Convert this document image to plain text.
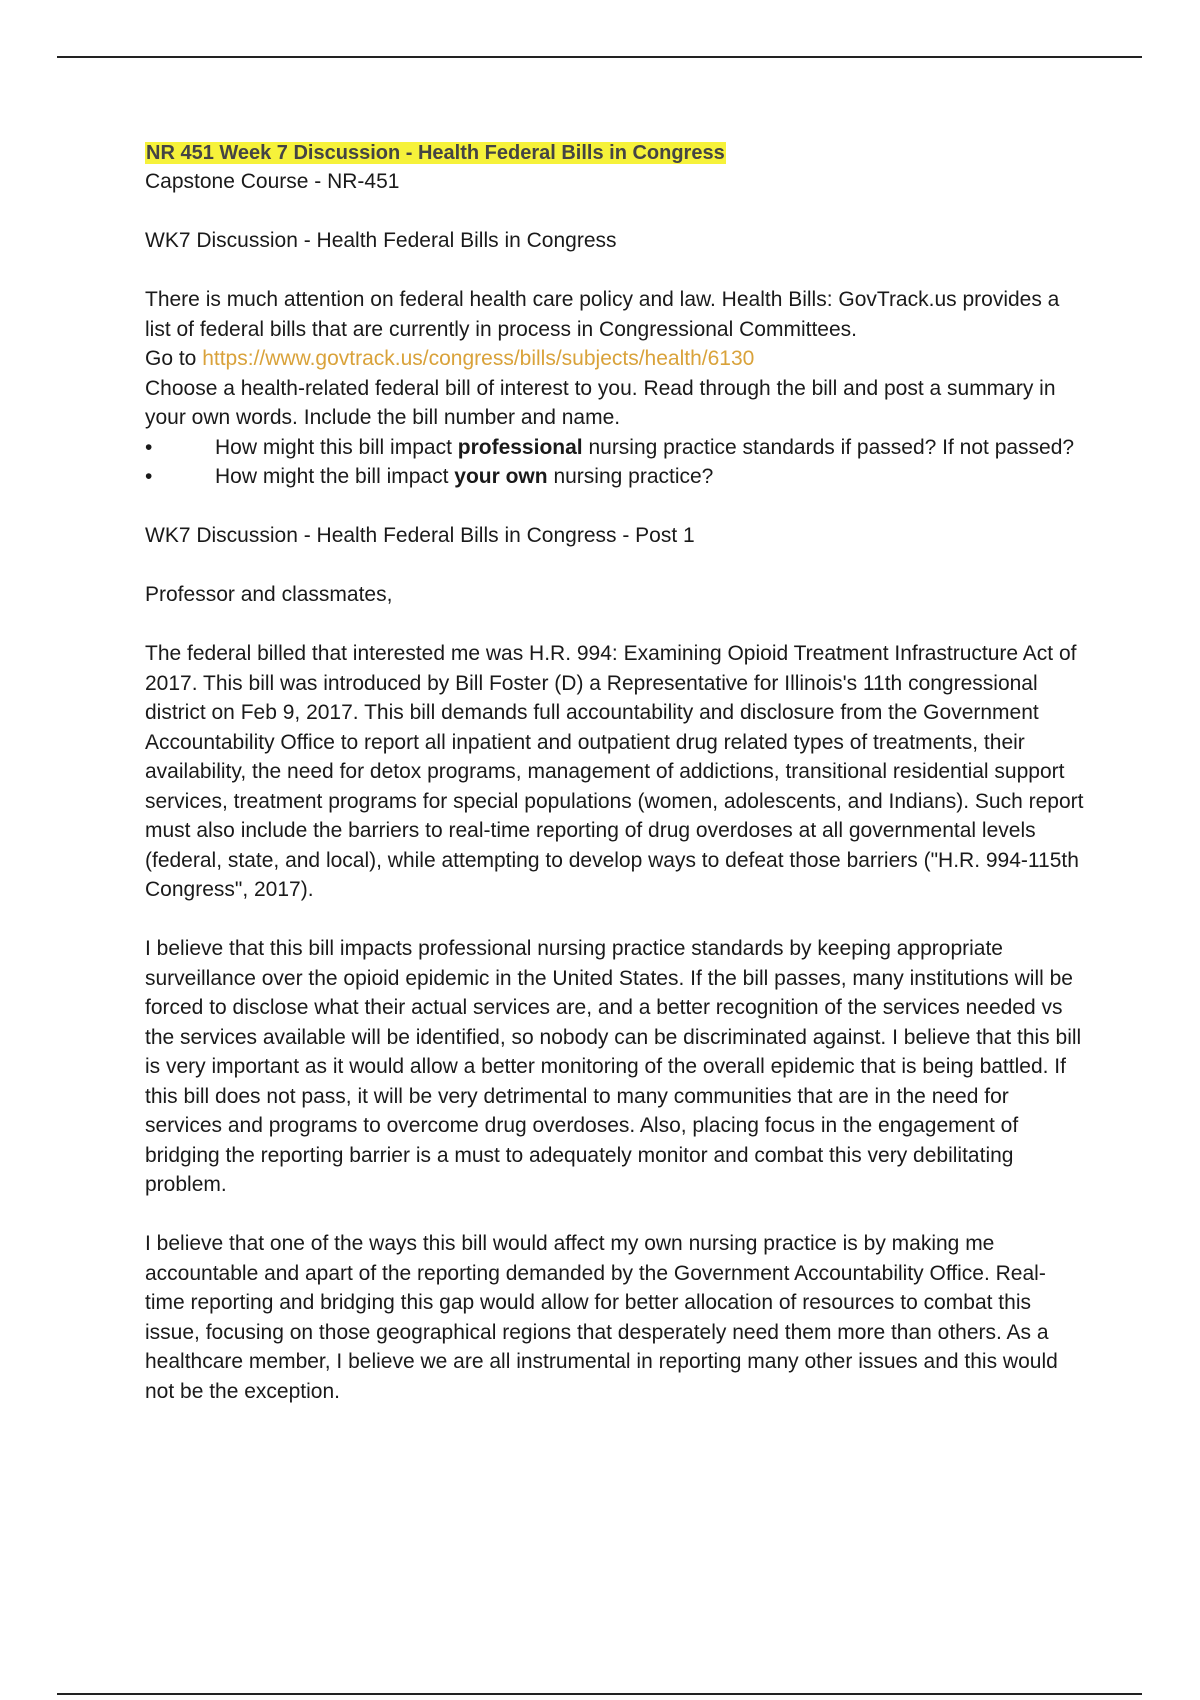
NR 451 Week 7 Discussion - Health Federal Bills in Congress

Capstone Course - NR-451

WK7 Discussion - Health Federal Bills in Congress

There is much attention on federal health care policy and law. Health Bills: GovTrack.us provides a list of federal bills that are currently in process in Congressional Committees.

Go to https://www.govtrack.us/congress/bills/subjects/health/6130

Choose a health-related federal bill of interest to you. Read through the bill and post a summary in your own words. Include the bill number and name.

•	How might this bill impact professional nursing practice standards if passed? If not passed?

•	How might the bill impact your own nursing practice?

WK7 Discussion - Health Federal Bills in Congress - Post 1

Professor and classmates,

The federal billed that interested me was H.R. 994: Examining Opioid Treatment Infrastructure Act of 2017. This bill was introduced by Bill Foster (D) a Representative for Illinois's 11th congressional district on Feb 9, 2017. This bill demands full accountability and disclosure from the Government Accountability Office to report all inpatient and outpatient drug related types of treatments, their availability, the need for detox programs, management of addictions, transitional residential support services, treatment programs for special populations (women, adolescents, and Indians). Such report must also include the barriers to real-time reporting of drug overdoses at all governmental levels (federal, state, and local), while attempting to develop ways to defeat those barriers ("H.R. 994-115th Congress", 2017).

I believe that this bill impacts professional nursing practice standards by keeping appropriate surveillance over the opioid epidemic in the United States. If the bill passes, many institutions will be forced to disclose what their actual services are, and a better recognition of the services needed vs the services available will be identified, so nobody can be discriminated against. I believe that this bill is very important as it would allow a better monitoring of the overall epidemic that is being battled. If this bill does not pass, it will be very detrimental to many communities that are in the need for services and programs to overcome drug overdoses. Also, placing focus in the engagement of bridging the reporting barrier is a must to adequately monitor and combat this very debilitating problem.

I believe that one of the ways this bill would affect my own nursing practice is by making me accountable and apart of the reporting demanded by the Government Accountability Office. Real-time reporting and bridging this gap would allow for better allocation of resources to combat this issue, focusing on those geographical regions that desperately need them more than others. As a healthcare member, I believe we are all instrumental in reporting many other issues and this would not be the exception.
